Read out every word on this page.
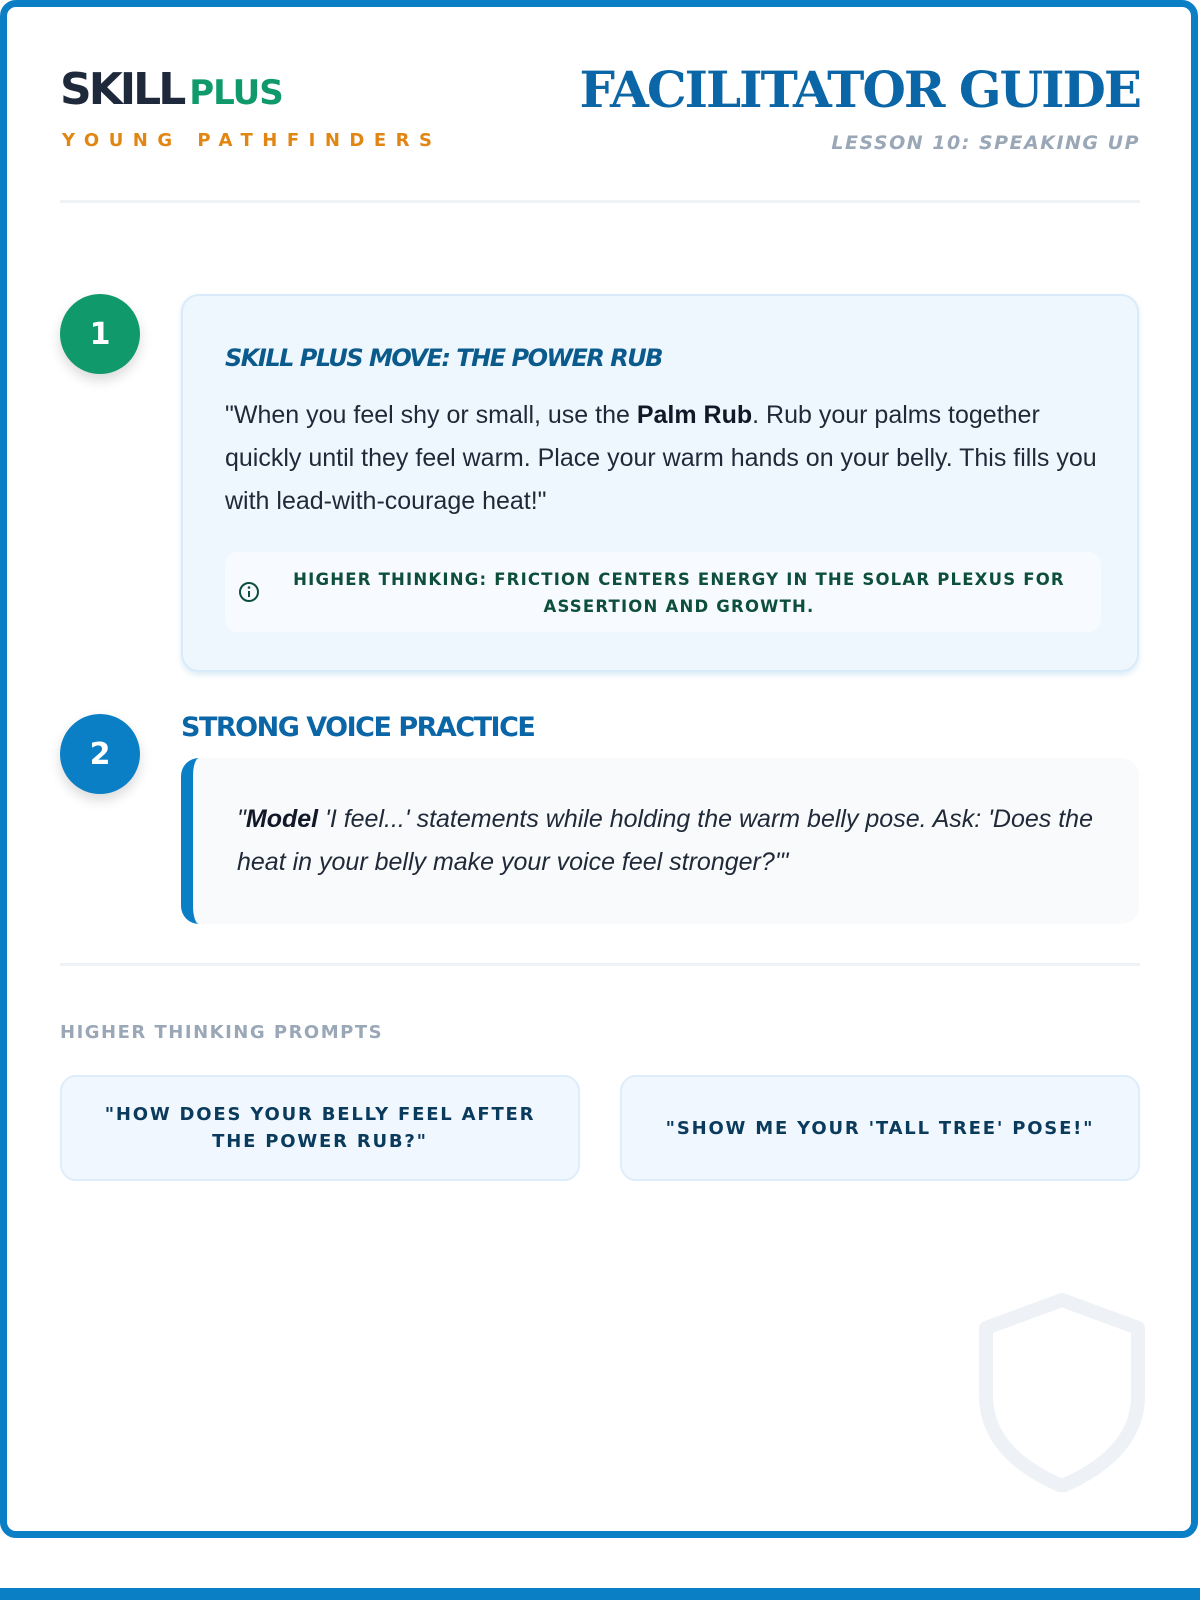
SKILL PLUS
YOUNG PATHFINDERS
FACILITATOR GUIDE
LESSON 10: SPEAKING UP
1
SKILL PLUS MOVE: THE POWER RUB
"When you feel shy or small, use the Palm Rub. Rub your palms together quickly until they feel warm. Place your warm hands on your belly. This fills you with lead-with-courage heat!"
HIGHER THINKING: FRICTION CENTERS ENERGY IN THE SOLAR PLEXUS FOR ASSERTION AND GROWTH.
2
STRONG VOICE PRACTICE
"Model 'I feel...' statements while holding the warm belly pose. Ask: 'Does the heat in your belly make your voice feel stronger?'"
HIGHER THINKING PROMPTS
"HOW DOES YOUR BELLY FEEL AFTER THE POWER RUB?"
"SHOW ME YOUR 'TALL TREE' POSE!"
